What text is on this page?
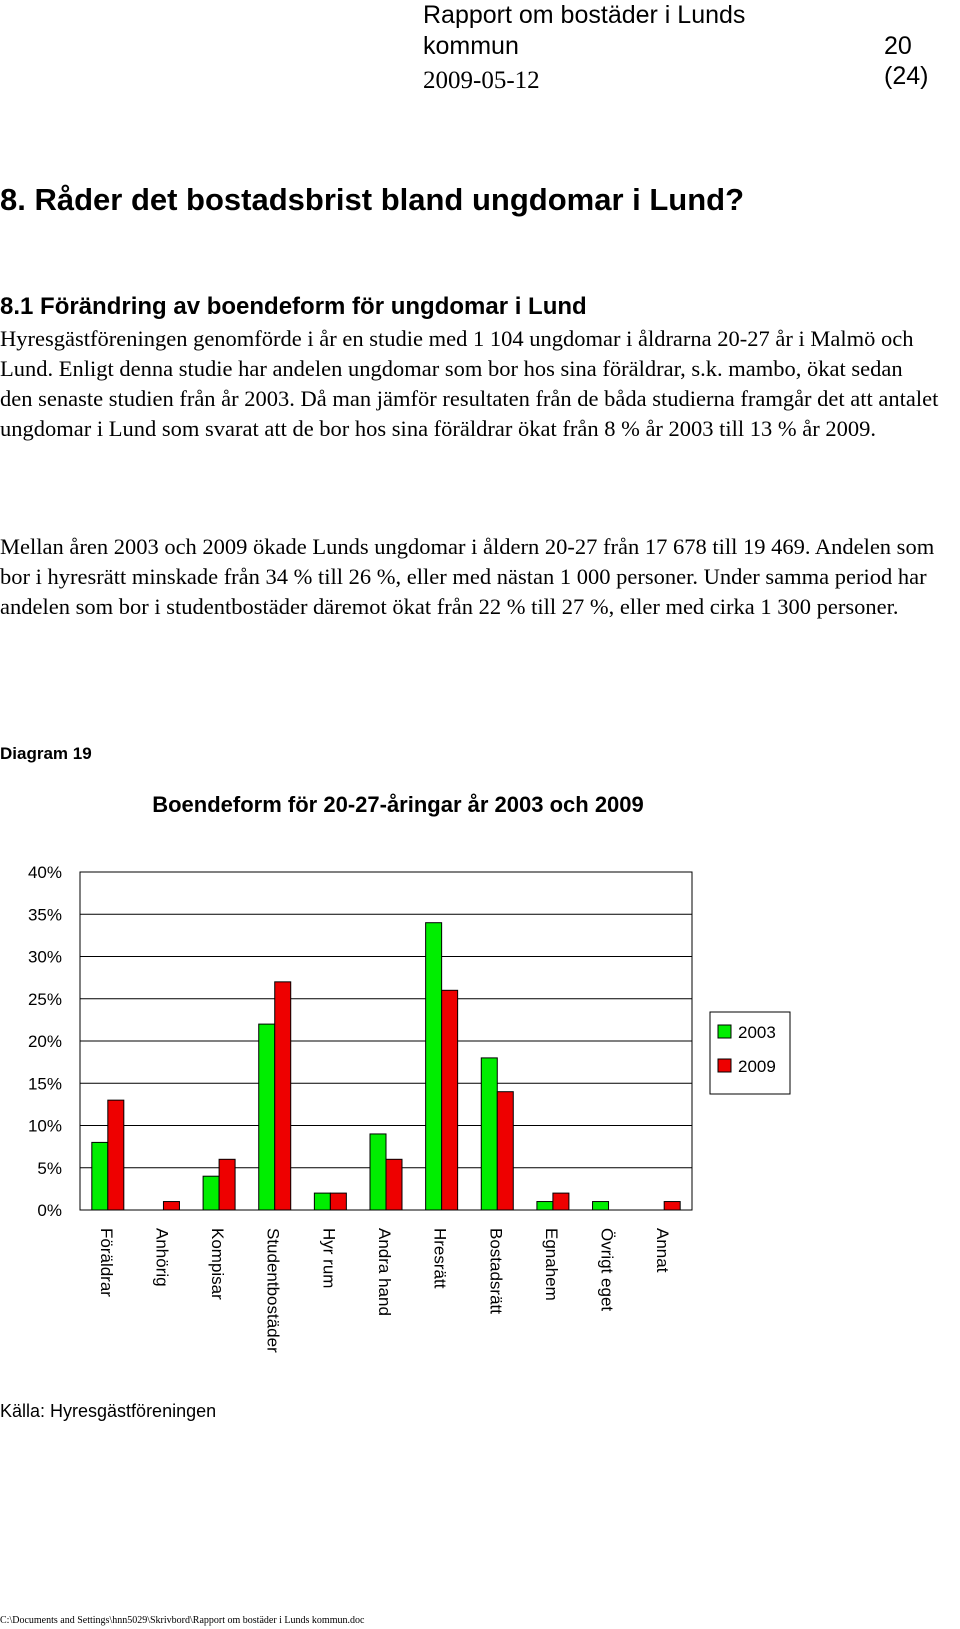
Rapport om bostäder i Lunds
kommun	20 (24)
2009-05-12
8. Råder det bostadsbrist bland ungdomar i Lund?
8.1 Förändring av boendeform för ungdomar i Lund

Hyresgästföreningen genomförde i år en studie med 1 104 ungdomar i åldrarna 20-27 år i Malmö och Lund. Enligt denna studie har andelen ungdomar som bor hos sina föräldrar, s.k. mambo, ökat sedan den senaste studien från år 2003. Då man jämför resultaten från de båda studierna framgår det att antalet ungdomar i Lund som svarat att de bor hos sina föräldrar ökat från 8 % år 2003 till 13 % år 2009.

Mellan åren 2003 och 2009 ökade Lunds ungdomar i åldern 20-27 från 17 678 till 19 469. Andelen som bor i hyresrätt minskade från 34 % till 26 %, eller med nästan 1 000 personer. Under samma period har andelen som bor i studentbostäder däremot ökat från 22 % till 27 %, eller med cirka 1 300 personer.

Diagram 19
Boendeform för 20-27-åringar år 2003 och 2009
0%
5%
10%
15%
20%
25%
30%
35%
40%
Föräldrar Anhörig Kompisar Studentbostäder Hyr rum Andra hand Hresrätt Bostadsrätt Egnahem Övrigt eget Annat
2003
2009
Källa: Hyresgästföreningen
C:\Documents and Settings\hnn5029\Skrivbord\Rapport om bostäder i Lunds kommun.doc
